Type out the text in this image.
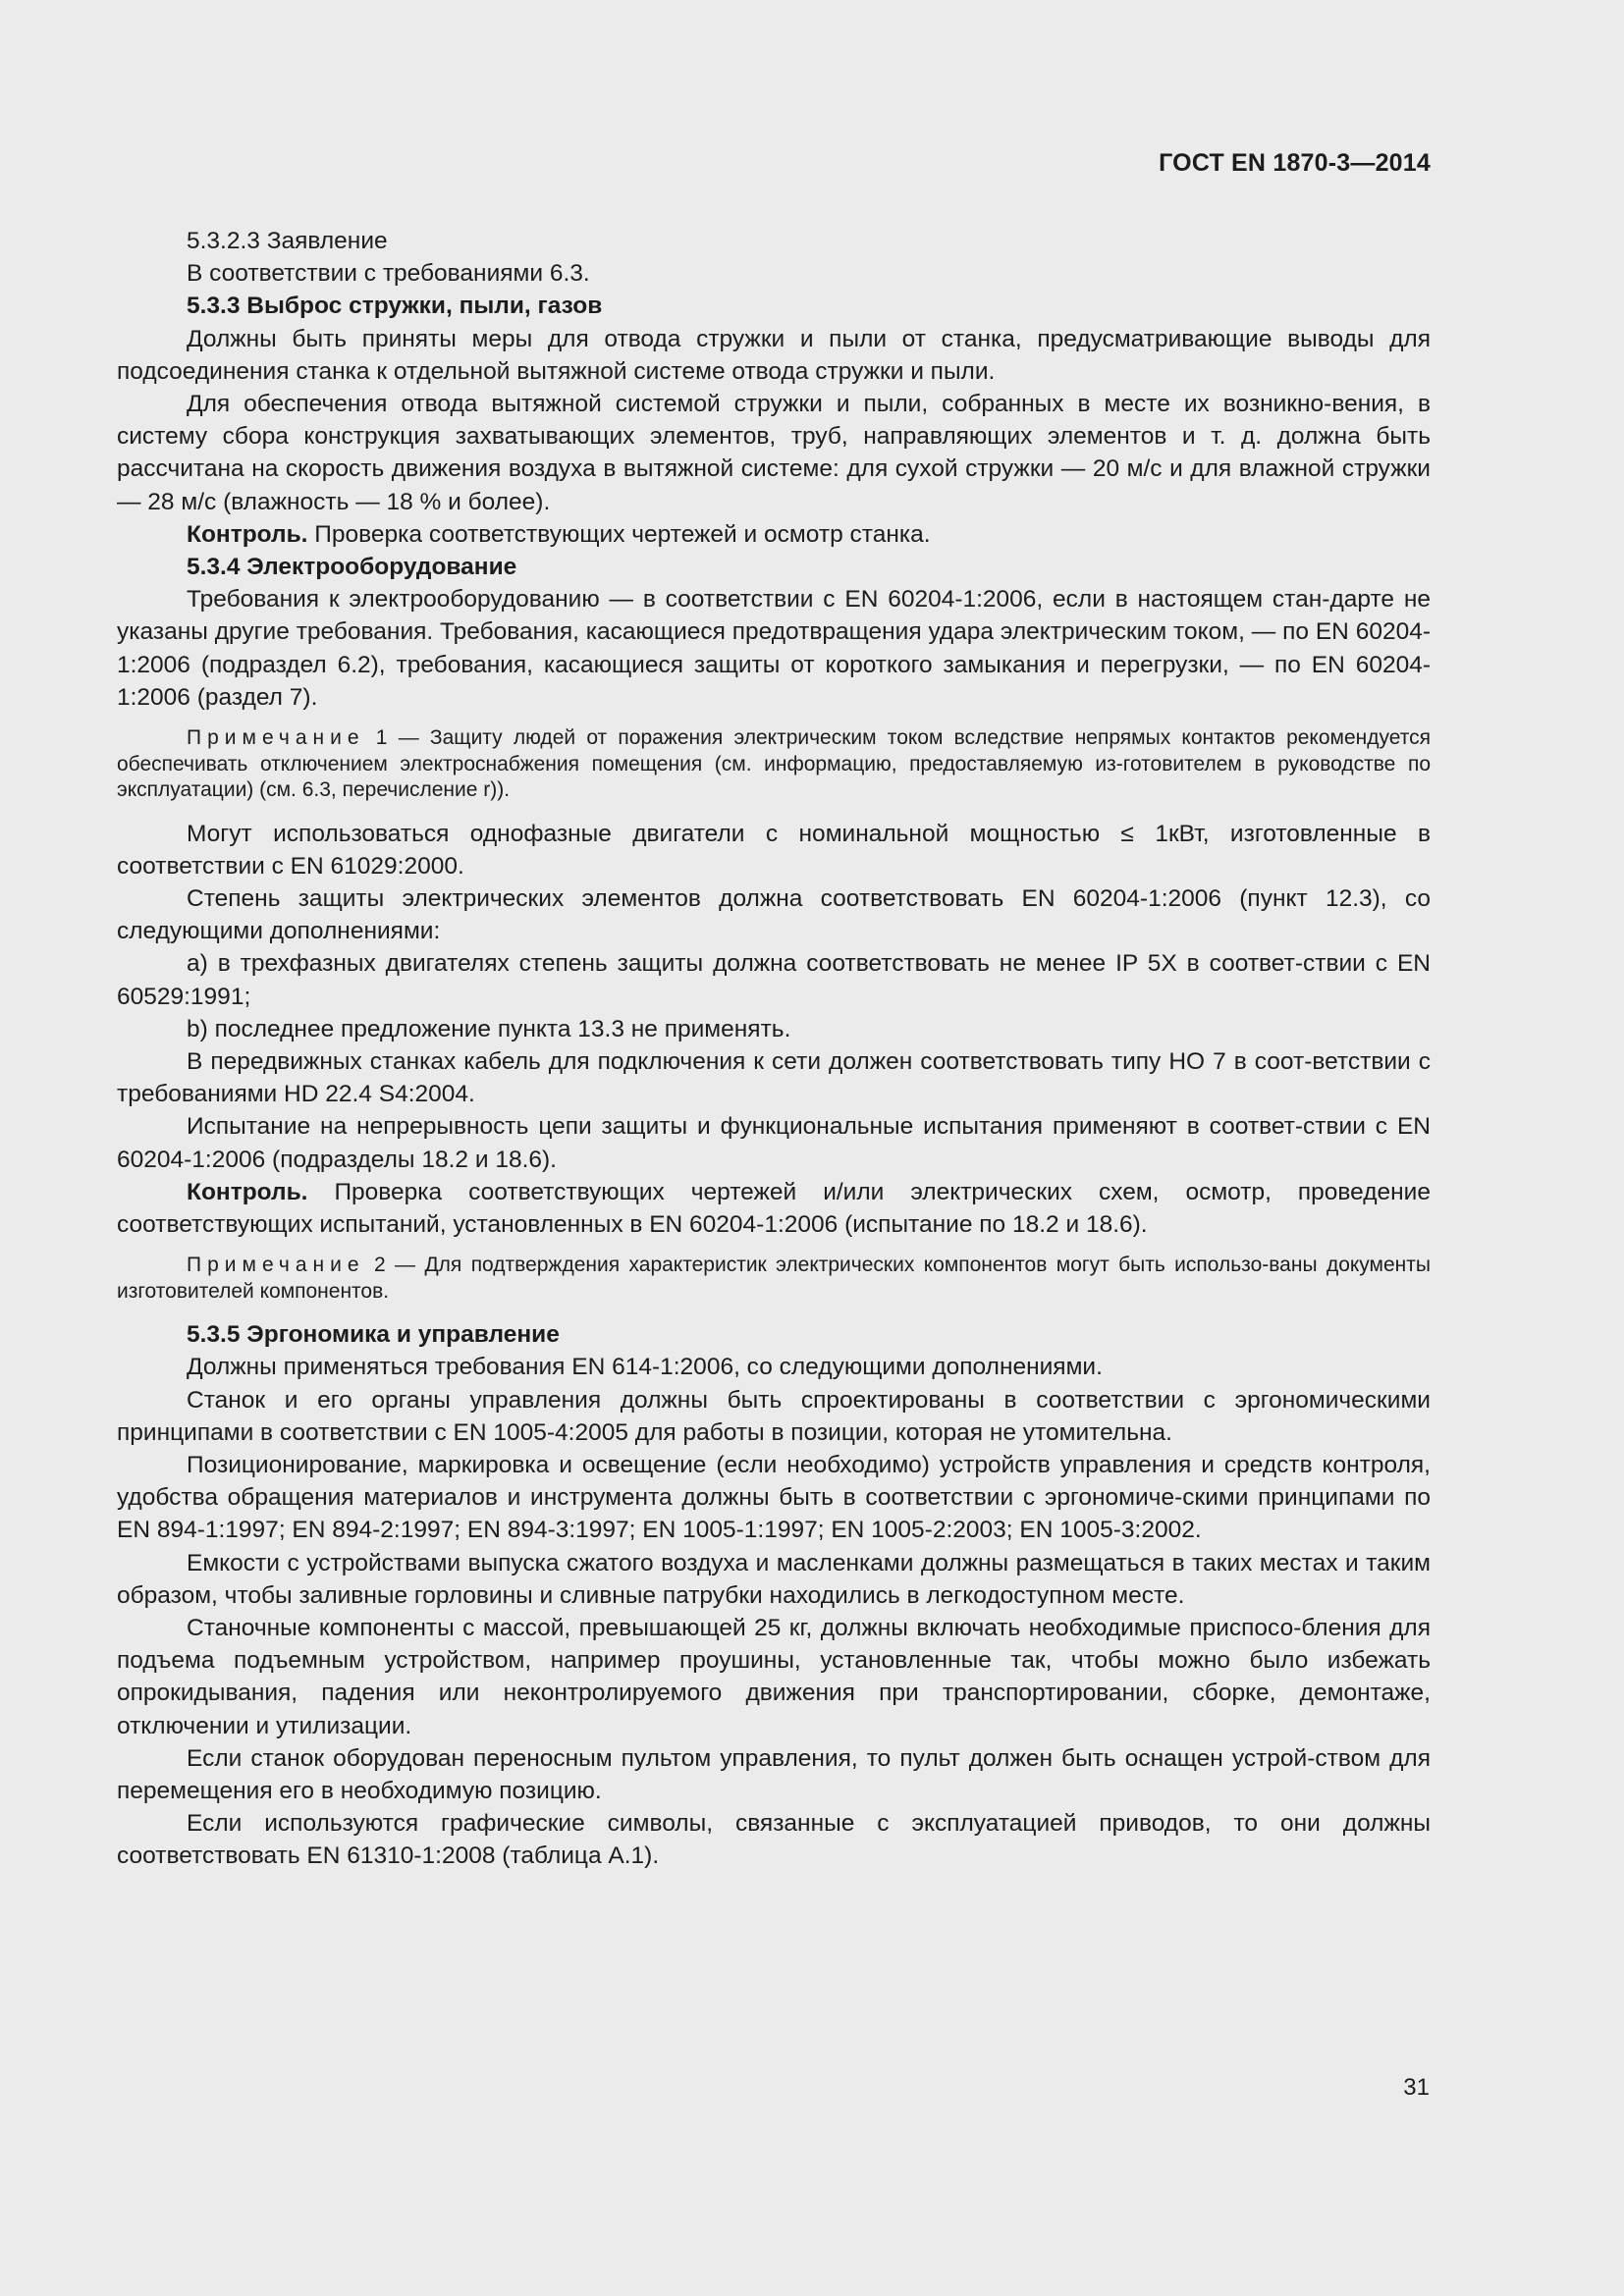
ГОСТ EN 1870-3—2014

5.3.2.3 Заявление

В соответствии с требованиями 6.3.

5.3.3 Выброс стружки, пыли, газов

Должны быть приняты меры для отвода стружки и пыли от станка, предусматривающие выводы для подсоединения станка к отдельной вытяжной системе отвода стружки и пыли.

Для обеспечения отвода вытяжной системой стружки и пыли, собранных в месте их возникно-вения, в систему сбора конструкция захватывающих элементов, труб, направляющих элементов и т. д. должна быть рассчитана на скорость движения воздуха в вытяжной системе: для сухой стружки — 20 м/с и для влажной стружки — 28 м/с (влажность — 18 % и более).

Контроль. Проверка соответствующих чертежей и осмотр станка.

5.3.4 Электрооборудование

Требования к электрооборудованию — в соответствии с EN 60204-1:2006, если в настоящем стан-дарте не указаны другие требования. Требования, касающиеся предотвращения удара электрическим током, — по EN 60204-1:2006 (подраздел 6.2), требования, касающиеся защиты от короткого замыкания и перегрузки, — по EN 60204-1:2006 (раздел 7).

Примечание 1 — Защиту людей от поражения электрическим током вследствие непрямых контактов рекомендуется обеспечивать отключением электроснабжения помещения (см. информацию, предоставляемую из-готовителем в руководстве по эксплуатации) (см. 6.3, перечисление r)).

Могут использоваться однофазные двигатели с номинальной мощностью ≤ 1кВт, изготовленные в соответствии с EN 61029:2000.

Степень защиты электрических элементов должна соответствовать EN 60204-1:2006 (пункт 12.3), со следующими дополнениями:

a) в трехфазных двигателях степень защиты должна соответствовать не менее IP 5X в соответ-ствии с EN 60529:1991;

b) последнее предложение пункта 13.3 не применять.

В передвижных станках кабель для подключения к сети должен соответствовать типу НО 7 в соот-ветствии с требованиями HD 22.4 S4:2004.

Испытание на непрерывность цепи защиты и функциональные испытания применяют в соответ-ствии с EN 60204-1:2006 (подразделы 18.2 и 18.6).

Контроль. Проверка соответствующих чертежей и/или электрических схем, осмотр, проведение соответствующих испытаний, установленных в EN 60204-1:2006 (испытание по 18.2 и 18.6).

Примечание 2 — Для подтверждения характеристик электрических компонентов могут быть использо-ваны документы изготовителей компонентов.

5.3.5 Эргономика и управление

Должны применяться требования EN 614-1:2006, со следующими дополнениями.

Станок и его органы управления должны быть спроектированы в соответствии с эргономическими принципами в соответствии с EN 1005-4:2005 для работы в позиции, которая не утомительна.

Позиционирование, маркировка и освещение (если необходимо) устройств управления и средств контроля, удобства обращения материалов и инструмента должны быть в соответствии с эргономиче-скими принципами по EN 894-1:1997; EN 894-2:1997; EN 894-3:1997; EN 1005-1:1997; EN 1005-2:2003; EN 1005-3:2002.

Емкости с устройствами выпуска сжатого воздуха и масленками должны размещаться в таких местах и таким образом, чтобы заливные горловины и сливные патрубки находились в легкодоступном месте.

Станочные компоненты с массой, превышающей 25 кг, должны включать необходимые приспосо-бления для подъема подъемным устройством, например проушины, установленные так, чтобы можно было избежать опрокидывания, падения или неконтролируемого движения при транспортировании, сборке, демонтаже, отключении и утилизации.

Если станок оборудован переносным пультом управления, то пульт должен быть оснащен устрой-ством для перемещения его в необходимую позицию.

Если используются графические символы, связанные с эксплуатацией приводов, то они должны соответствовать EN 61310-1:2008 (таблица А.1).

31
